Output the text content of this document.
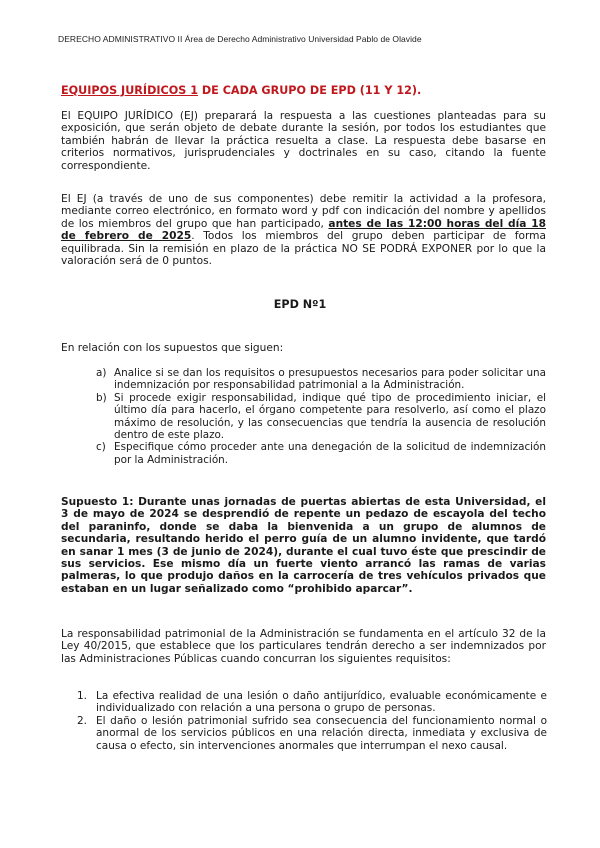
DERECHO ADMINISTRATIVO II Área de Derecho Administrativo Universidad Pablo de Olavide
EQUIPOS JURÍDICOS 1 DE CADA GRUPO DE EPD (11 Y 12).
El EQUIPO JURÍDICO (EJ) preparará la respuesta a las cuestiones planteadas para su exposición, que serán objeto de debate durante la sesión, por todos los estudiantes que también habrán de llevar la práctica resuelta a clase. La respuesta debe basarse en criterios normativos, jurisprudenciales y doctrinales en su caso, citando la fuente correspondiente.
El EJ (a través de uno de sus componentes) debe remitir la actividad a la profesora, mediante correo electrónico, en formato word y pdf con indicación del nombre y apellidos de los miembros del grupo que han participado, antes de las 12:00 horas del día 18 de febrero de 2025. Todos los miembros del grupo deben participar de forma equilibrada. Sin la remisión en plazo de la práctica NO SE PODRÁ EXPONER por lo que la valoración será de 0 puntos.
EPD Nº1
En relación con los supuestos que siguen:
a) Analice si se dan los requisitos o presupuestos necesarios para poder solicitar una indemnización por responsabilidad patrimonial a la Administración.
b) Si procede exigir responsabilidad, indique qué tipo de procedimiento iniciar, el último día para hacerlo, el órgano competente para resolverlo, así como el plazo máximo de resolución, y las consecuencias que tendría la ausencia de resolución dentro de este plazo.
c) Especifique cómo proceder ante una denegación de la solicitud de indemnización por la Administración.
Supuesto 1: Durante unas jornadas de puertas abiertas de esta Universidad, el 3 de mayo de 2024 se desprendió de repente un pedazo de escayola del techo del paraninfo, donde se daba la bienvenida a un grupo de alumnos de secundaria, resultando herido el perro guía de un alumno invidente, que tardó en sanar 1 mes (3 de junio de 2024), durante el cual tuvo éste que prescindir de sus servicios. Ese mismo día un fuerte viento arrancó las ramas de varias palmeras, lo que produjo daños en la carrocería de tres vehículos privados que estaban en un lugar señalizado como “prohibido aparcar”.
La responsabilidad patrimonial de la Administración se fundamenta en el artículo 32 de la Ley 40/2015, que establece que los particulares tendrán derecho a ser indemnizados por las Administraciones Públicas cuando concurran los siguientes requisitos:
1. La efectiva realidad de una lesión o daño antijurídico, evaluable económicamente e individualizado con relación a una persona o grupo de personas.
2. El daño o lesión patrimonial sufrido sea consecuencia del funcionamiento normal o anormal de los servicios públicos en una relación directa, inmediata y exclusiva de causa o efecto, sin intervenciones anormales que interrumpan el nexo causal.
